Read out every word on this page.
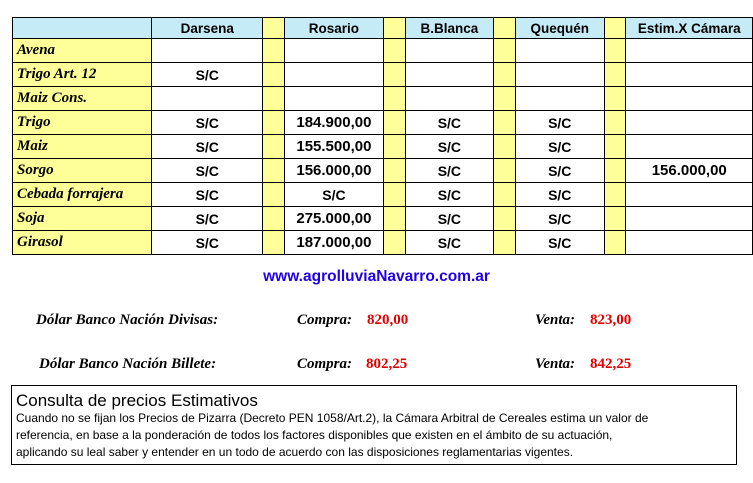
	Darsena		Rosario		B.Blanca		Quequén		Estim.X Cámara
Avena									
Trigo Art. 12	S/C								
Maiz Cons.									
Trigo	S/C		184.900,00		S/C		S/C		
Maiz	S/C		155.500,00		S/C		S/C		
Sorgo	S/C		156.000,00		S/C		S/C		156.000,00
Cebada forrajera	S/C		S/C		S/C		S/C		
Soja	S/C		275.000,00		S/C		S/C		
Girasol	S/C		187.000,00		S/C		S/C		
www.agrolluviaNavarro.com.ar
Dólar Banco Nación Divisas:	Compra: 820,00	Venta: 823,00
Dólar Banco Nación Billete:	Compra: 802,25	Venta: 842,25
Consulta de precios Estimativos
Cuando no se fijan los Precios de Pizarra (Decreto PEN 1058/Art.2), la Cámara Arbitral de Cereales estima un valor de
referencia, en base a la ponderación de todos los factores disponibles que existen en el ámbito de su actuación,
aplicando su leal saber y entender en un todo de acuerdo con las disposiciones reglamentarias vigentes.
